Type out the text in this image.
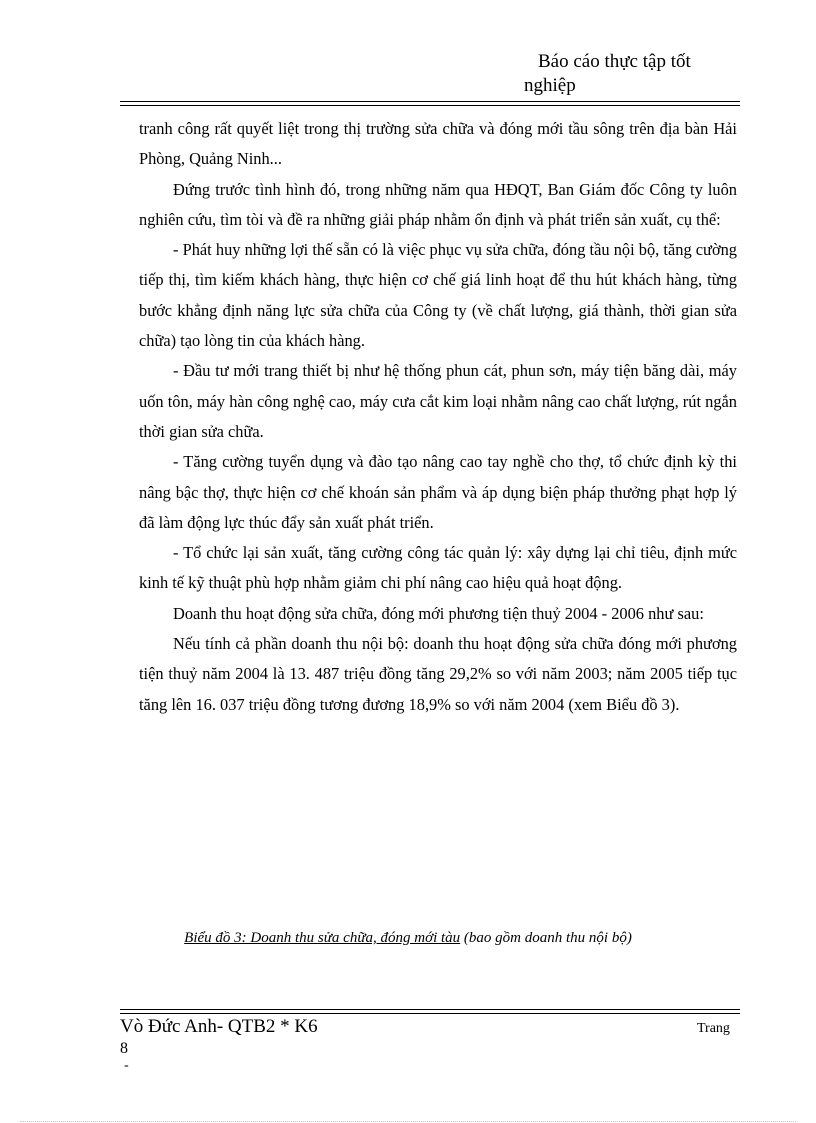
Báo cáo thực tập tốt
nghiệp

tranh công rất quyết liệt trong thị trường sửa chữa và đóng mới tầu sông trên địa bàn Hải Phòng, Quảng Ninh...

Đứng trước tình hình đó, trong những năm qua HĐQT, Ban Giám đốc Công ty luôn nghiên cứu, tìm tòi và đề ra những giải pháp nhằm ổn định và phát triển sản xuất, cụ thể:

- Phát huy những lợi thế sẵn có là việc phục vụ sửa chữa, đóng tầu nội bộ, tăng cường tiếp thị, tìm kiếm khách hàng, thực hiện cơ chế giá linh hoạt để thu hút khách hàng, từng bước khẳng định năng lực sửa chữa của Công ty (về chất lượng, giá thành, thời gian sửa chữa) tạo lòng tin của khách hàng.

- Đầu tư mới trang thiết bị như hệ thống phun cát, phun sơn, máy tiện băng dài, máy uốn tôn, máy hàn công nghệ cao, máy cưa cắt kim loại nhằm nâng cao chất lượng, rút ngắn thời gian sửa chữa.

- Tăng cường tuyển dụng và đào tạo nâng cao tay nghề cho thợ, tổ chức định kỳ thi nâng bậc thợ, thực hiện cơ chế khoán sản phẩm và áp dụng biện pháp thưởng phạt hợp lý đã làm động lực thúc đẩy sản xuất phát triển.

- Tổ chức lại sản xuất, tăng cường công tác quản lý: xây dựng lại chỉ tiêu, định mức kinh tế kỹ thuật phù hợp nhằm giảm chi phí nâng cao hiệu quả hoạt động.

Doanh thu hoạt động sửa chữa, đóng mới phương tiện thuỷ 2004 - 2006 như sau:

Nếu tính cả phần doanh thu nội bộ: doanh thu hoạt động sửa chữa đóng mới phương tiện thuỷ năm 2004 là 13. 487 triệu đồng tăng 29,2% so với năm 2003; năm 2005 tiếp tục tăng lên 16. 037 triệu đồng tương đương 18,9% so với năm 2004 (xem Biểu đồ 3).

Biểu đồ 3: Doanh thu sửa chữa, đóng mới tàu (bao gồm doanh thu nội bộ)
Vò Đức Anh- QTB2 * K6	Trang
8
-
